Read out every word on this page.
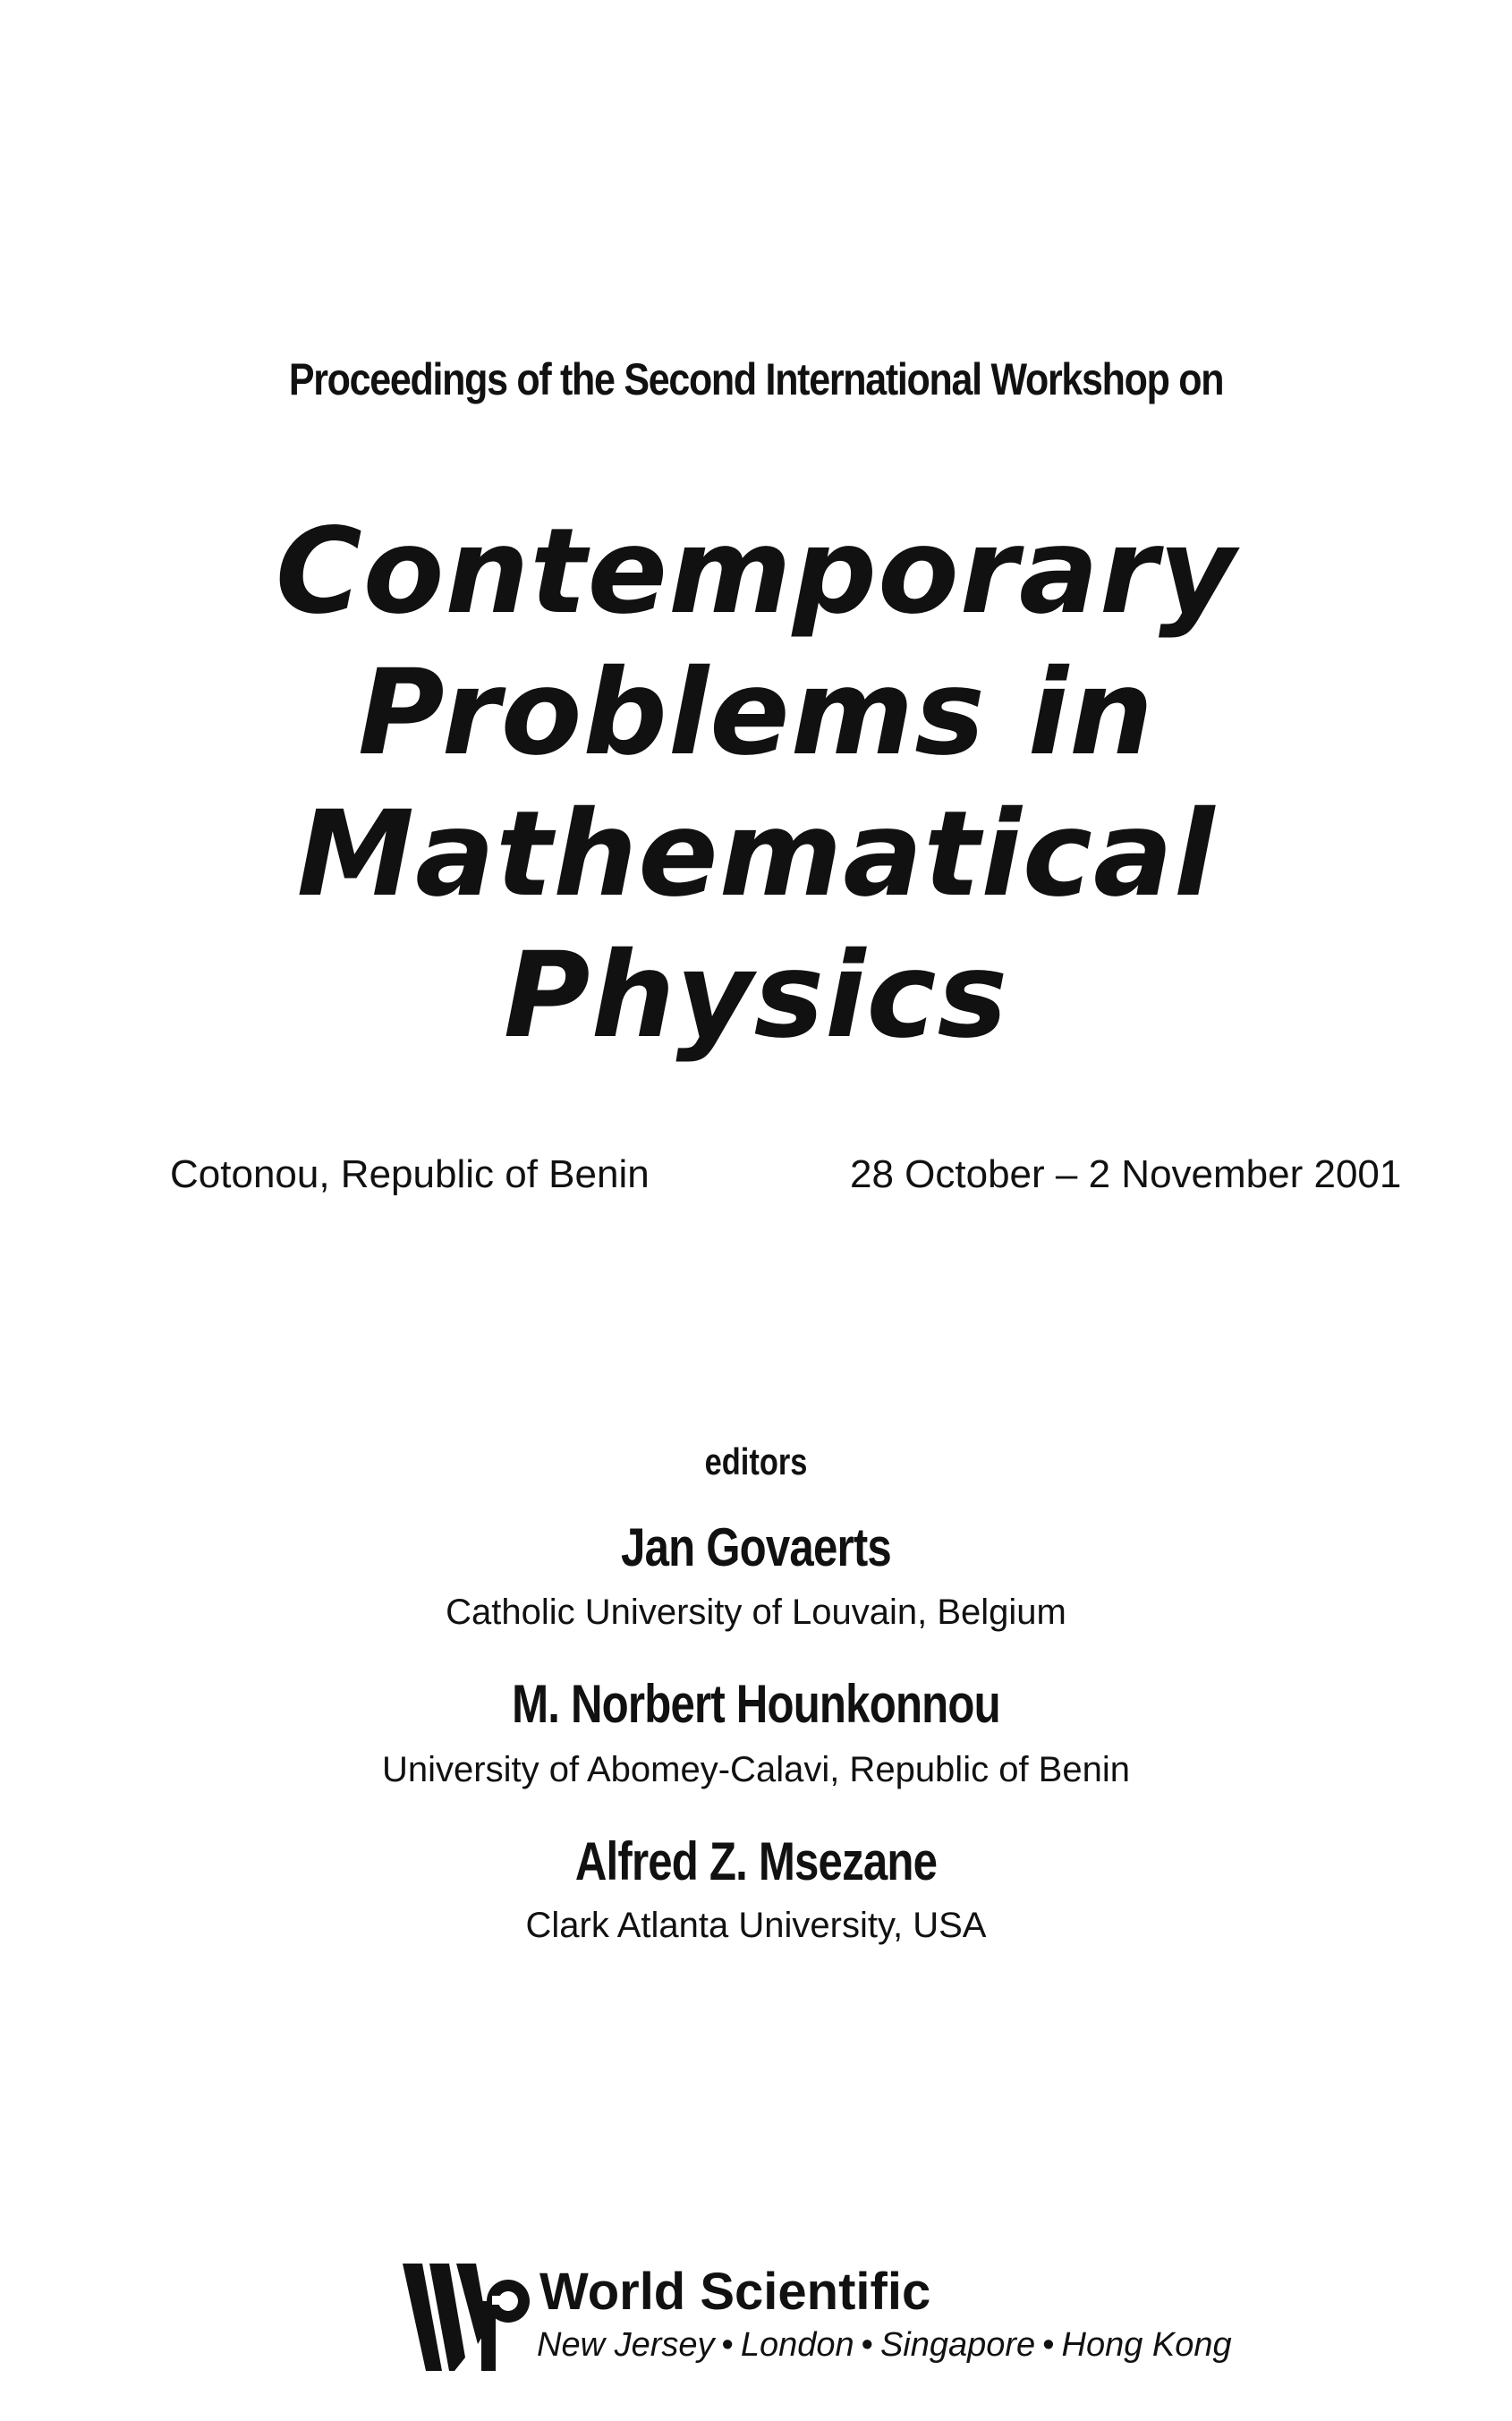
Proceedings of the Second International Workshop on
Contemporary
Problems in
Mathematical
Physics
Cotonou, Republic of Benin	28 October – 2 November 2001
editors
Jan Govaerts
Catholic University of Louvain, Belgium
M. Norbert Hounkonnou
University of Abomey-Calavi, Republic of Benin
Alfred Z. Msezane
Clark Atlanta University, USA
World Scientific
New Jersey • London • Singapore • Hong Kong
